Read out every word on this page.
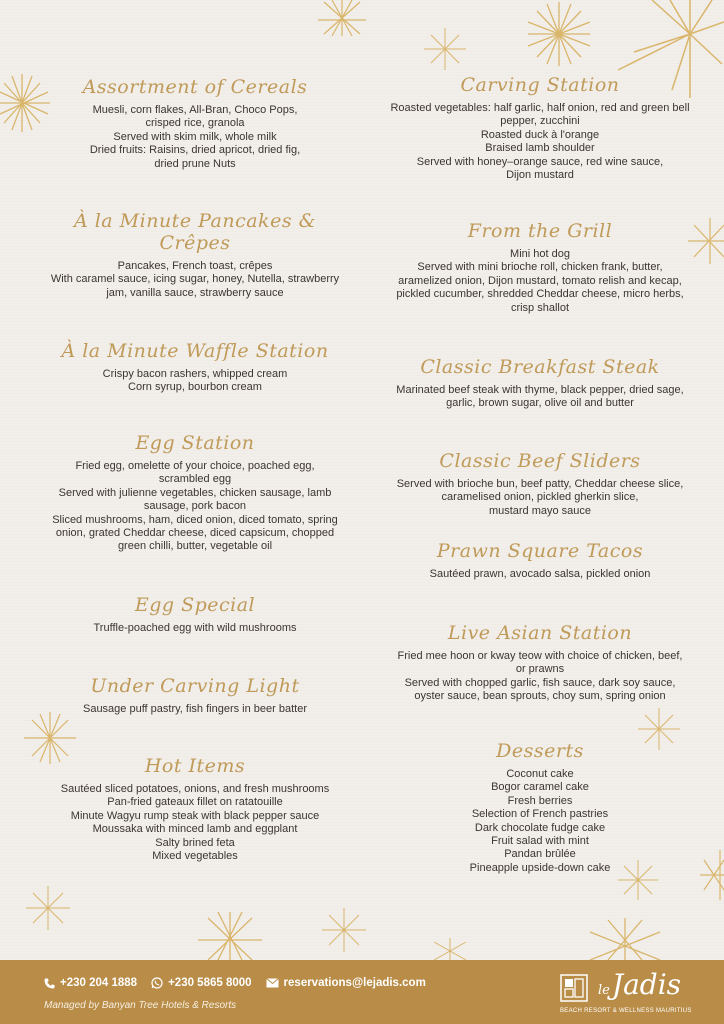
Assortment of Cereals

Muesli, corn flakes, All-Bran, Choco Pops,

crisped rice, granola

Served with skim milk, whole milk

Dried fruits: Raisins, dried apricot, dried fig,

dried prune Nuts

À la Minute Pancakes & Crêpes

Pancakes, French toast, crêpes

With caramel sauce, icing sugar, honey, Nutella, strawberry

jam, vanilla sauce, strawberry sauce

À la Minute Waffle Station

Crispy bacon rashers, whipped cream

Corn syrup, bourbon cream

Egg Station

Fried egg, omelette of your choice, poached egg,

scrambled egg

Served with julienne vegetables, chicken sausage, lamb

sausage, pork bacon

Sliced mushrooms, ham, diced onion, diced tomato, spring

onion, grated Cheddar cheese, diced capsicum, chopped

green chilli, butter, vegetable oil

Egg Special

Truffle-poached egg with wild mushrooms

Under Carving Light

Sausage puff pastry, fish fingers in beer batter

Hot Items

Sautéed sliced potatoes, onions, and fresh mushrooms

Pan-fried gateaux fillet on ratatouille

Minute Wagyu rump steak with black pepper sauce

Moussaka with minced lamb and eggplant

Salty brined feta

Mixed vegetables

Carving Station

Roasted vegetables: half garlic, half onion, red and green bell

pepper, zucchini

Roasted duck à l'orange

Braised lamb shoulder

Served with honey–orange sauce, red wine sauce,

Dijon mustard

From the Grill

Mini hot dog

Served with mini brioche roll, chicken frank, butter,

aramelized onion, Dijon mustard, tomato relish and kecap,

pickled cucumber, shredded Cheddar cheese, micro herbs,

crisp shallot

Classic Breakfast Steak

Marinated beef steak with thyme, black pepper, dried sage,

garlic, brown sugar, olive oil and butter

Classic Beef Sliders

Served with brioche bun, beef patty, Cheddar cheese slice,

caramelised onion, pickled gherkin slice,

mustard mayo sauce

Prawn Square Tacos

Sautéed prawn, avocado salsa, pickled onion

Live Asian Station

Fried mee hoon or kway teow with choice of chicken, beef,

or prawns

Served with chopped garlic, fish sauce, dark soy sauce,

oyster sauce, bean sprouts, choy sum, spring onion

Desserts

Coconut cake

Bogor caramel cake

Fresh berries

Selection of French pastries

Dark chocolate fudge cake

Fruit salad with mint

Pandan brûlée

Pineapple upside-down cake

+230 204 1888	+230 5865 8000	reservations@lejadis.com
Managed by Banyan Tree Hotels & Resorts
leJadis
BEACH RESORT & WELLNESS MAURITIUS
